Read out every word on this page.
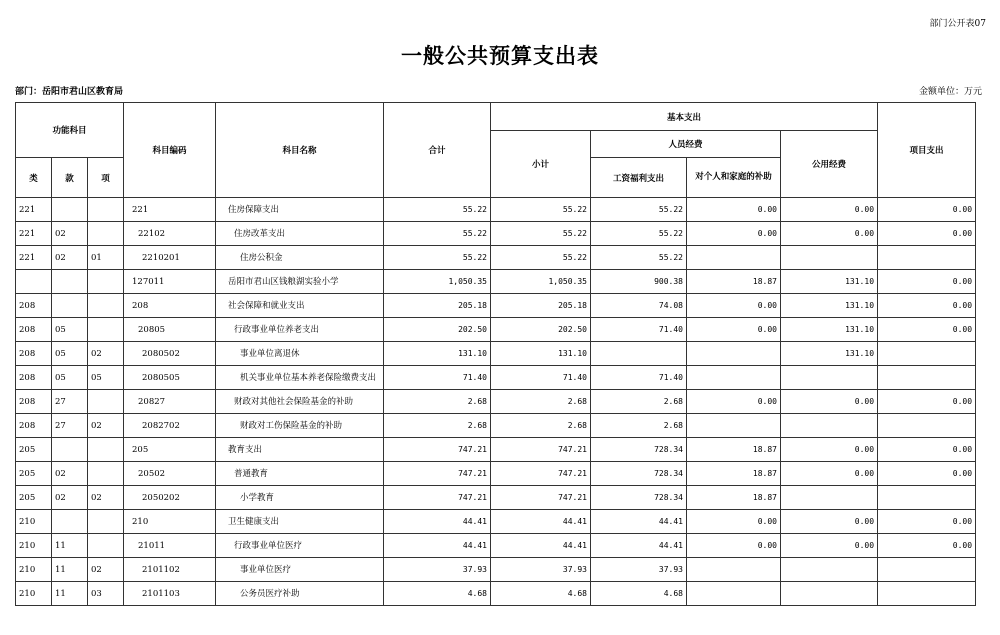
部门公开表07
一般公共预算支出表
部门：岳阳市君山区教育局	金额单位：万元
功能科目			科目编码	科目名称	合计	基本支出				项目支出
						小计	人员经费		公用经费	
类	款	项					工资福利支出	对个人和家庭的补助		
221			221	住房保障支出	55.22	55.22	55.22	0.00	0.00	0.00
221	02		22102	住房改革支出	55.22	55.22	55.22	0.00	0.00	0.00
221	02	01	2210201	住房公积金	55.22	55.22	55.22			
			127011	岳阳市君山区钱粮湖实验小学	1,050.35	1,050.35	900.38	18.87	131.10	0.00
208			208	社会保障和就业支出	205.18	205.18	74.08	0.00	131.10	0.00
208	05		20805	行政事业单位养老支出	202.50	202.50	71.40	0.00	131.10	0.00
208	05	02	2080502	事业单位离退休	131.10	131.10			131.10	
208	05	05	2080505	机关事业单位基本养老保险缴费支出	71.40	71.40	71.40			
208	27		20827	财政对其他社会保险基金的补助	2.68	2.68	2.68	0.00	0.00	0.00
208	27	02	2082702	财政对工伤保险基金的补助	2.68	2.68	2.68			
205			205	教育支出	747.21	747.21	728.34	18.87	0.00	0.00
205	02		20502	普通教育	747.21	747.21	728.34	18.87	0.00	0.00
205	02	02	2050202	小学教育	747.21	747.21	728.34	18.87		
210			210	卫生健康支出	44.41	44.41	44.41	0.00	0.00	0.00
210	11		21011	行政事业单位医疗	44.41	44.41	44.41	0.00	0.00	0.00
210	11	02	2101102	事业单位医疗	37.93	37.93	37.93			
210	11	03	2101103	公务员医疗补助	4.68	4.68	4.68			
